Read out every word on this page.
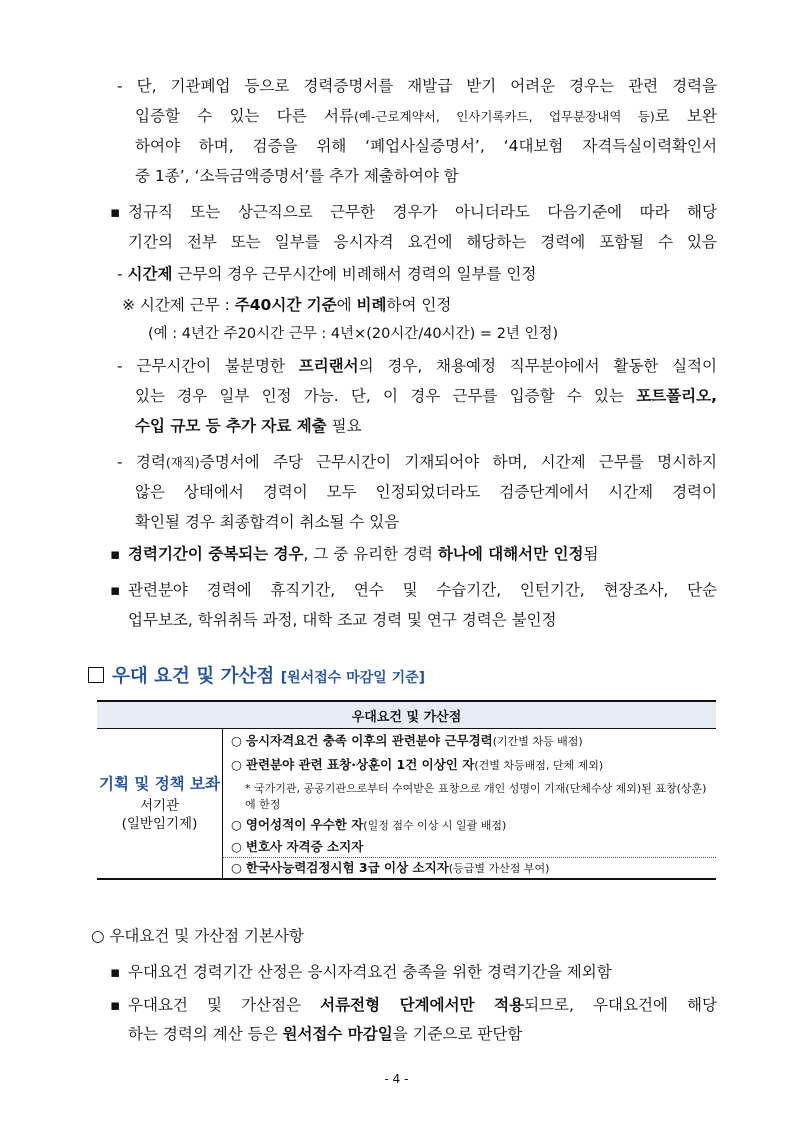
- 단, 기관폐업 등으로 경력증명서를 재발급 받기 어려운 경우는 관련 경력을
입증할 수 있는 다른 서류(예-근로계약서, 인사기록카드, 업무분장내역 등)로 보완
하여야 하며, 검증을 위해 ‘폐업사실증명서’, ‘4대보험 자격득실이력확인서
중 1종’, ‘소득금액증명서’를 추가 제출하여야 함
▪ 정규직 또는 상근직으로 근무한 경우가 아니더라도 다음기준에 따라 해당
기간의 전부 또는 일부를 응시자격 요건에 해당하는 경력에 포함될 수 있음
- 시간제 근무의 경우 근무시간에 비례해서 경력의 일부를 인정
※ 시간제 근무 : 주40시간 기준에 비례하여 인정
(예 : 4년간 주20시간 근무 : 4년×(20시간/40시간) = 2년 인정)
- 근무시간이 불분명한 프리랜서의 경우, 채용예정 직무분야에서 활동한 실적이
있는 경우 일부 인정 가능. 단, 이 경우 근무를 입증할 수 있는 포트폴리오,
수입 규모 등 추가 자료 제출 필요
- 경력(재직)증명서에 주당 근무시간이 기재되어야 하며, 시간제 근무를 명시하지
않은 상태에서 경력이 모두 인정되었더라도 검증단계에서 시간제 경력이
확인될 경우 최종합격이 취소될 수 있음
▪ 경력기간이 중복되는 경우, 그 중 유리한 경력 하나에 대해서만 인정됨
▪ 관련분야 경력에 휴직기간, 연수 및 수습기간, 인턴기간, 현장조사, 단순
업무보조, 학위취득 과정, 대학 조교 경력 및 연구 경력은 불인정
우대 요건 및 가산점 [원서접수 마감일 기준]
우대요건 및 가산점

기획 및 정책 보좌
서기관
(일반임기제)

○ 응시자격요건 충족 이후의 관련분야 근무경력(기간별 차등 배점)
○ 관련분야 관련 표창·상훈이 1건 이상인 자(건별 차등배점, 단체 제외)
* 국가기관, 공공기관으로부터 수여받은 표창으로 개인 성명이 기재(단체수상 제외)된 표창(상훈)에 한정
○ 영어성적이 우수한 자(일정 점수 이상 시 일괄 배점)
○ 변호사 자격증 소지자
○ 한국사능력검정시험 3급 이상 소지자(등급별 가산점 부여)
○ 우대요건 및 가산점 기본사항
▪ 우대요건 경력기간 산정은 응시자격요건 충족을 위한 경력기간을 제외함
▪ 우대요건 및 가산점은 서류전형 단계에서만 적용되므로, 우대요건에 해당
하는 경력의 계산 등은 원서접수 마감일을 기준으로 판단함
- 4 -
